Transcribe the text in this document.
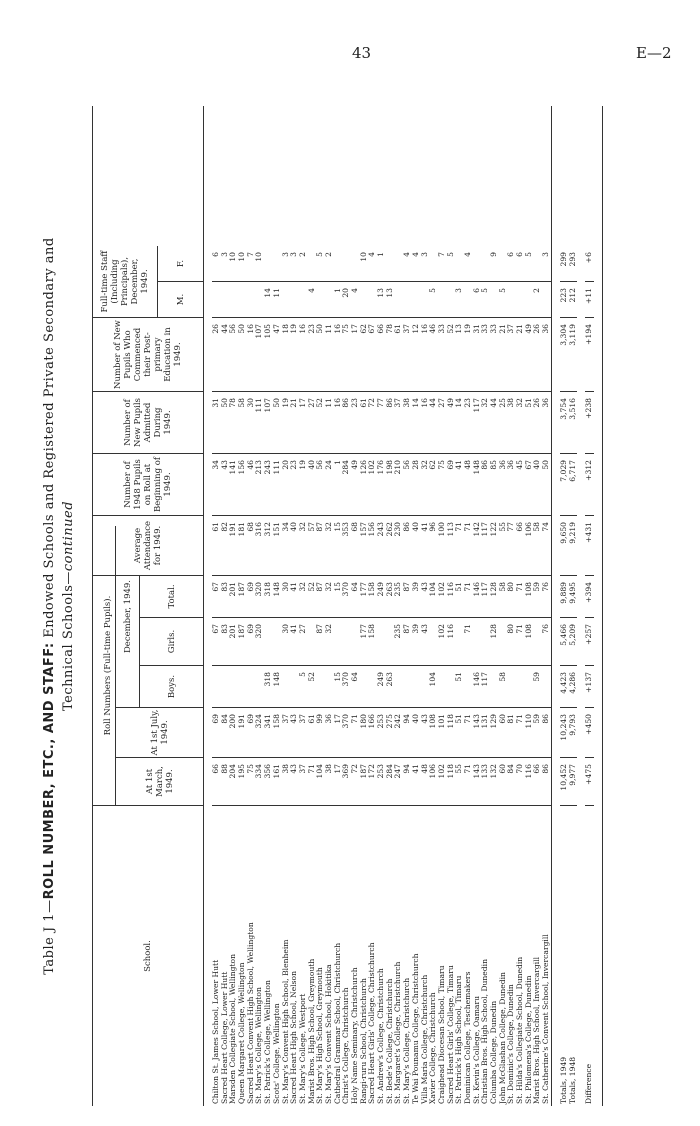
43	E—2
Table J 1—ROLL NUMBER, ETC., AND STAFF: Endowed Schools and Registered Private Secondary and Technical Schools—continued
School.
Roll Numbers (Full-time Pupils).
At 1st March, 1949.
At 1st July, 1949.
December, 1949.
Boys.
Girls.
Total.
Average Attendance for 1949.
Number of 1948 Pupils on Roll at Beginning of 1949.
Number of New Pupils Admitted During 1949.
Number of New Pupils Who Commenced their Post-primary Education in 1949.
Full-time Staff (Including Principals), December, 1949.
M.
F.
Chilton St. James School, Lower Hutt
66
69
67
67
61
34
31
26
6
Sacred Heart College, Lower Hutt
88
84
83
83
82
43
50
44
3
Marsden Collegiate School, Wellington
204
200
201
201
191
141
78
56
10
Queen Margaret College, Wellington
195
191
187
187
181
156
58
50
10
Sacred Heart Convent High School, Wellington
75
69
69
69
68
46
30
16
7
St. Mary's College, Wellington
334
324
320
320
316
213
111
107
10
St. Patrick's College, Wellington
356
341
318
318
312
243
107
105
14
Scots' College, Wellington
161
158
148
148
151
111
50
47
11
St. Mary's Convent High School, Blenheim
38
37
30
30
34
20
19
18
3
Sacred Heart High School, Nelson
43
43
41
41
40
23
21
19
3
St. Mary's College, Westport
37
37
5
27
32
32
19
17
16
2
Marist Bros. High School, Greymouth
71
61
52
52
57
40
27
23
4
St. Mary's High School, Greymouth
104
99
87
87
87
56
52
50
5
St. Mary's Convent School, Hokitika
38
36
32
32
32
24
11
11
2
Cathedral Grammar School, Christchurch
17
17
15
15
15
1
16
16
1
Christ's College, Christchurch
369
370
370
370
353
284
86
75
20
Holy Name Seminary, Christchurch
72
71
64
64
68
49
23
17
4
Rangi-ruru School, Christchurch
187
180
177
177
157
126
61
62
10
Sacred Heart Girls' College, Christchurch
172
166
158
158
156
102
72
67
4
St. Andrew's College, Christchurch
253
253
249
249
243
176
77
66
13
1
St. Bede's College, Christchurch
284
275
263
263
262
198
86
78
13
St. Margaret's College, Christchurch
247
242
235
235
230
210
37
61
St. Mary's College, Christchurch
94
94
87
87
86
56
38
37
4
Te Wai Pounamu College, Christchurch
41
40
39
39
40
28
14
12
4
Villa Maria College, Christchurch
48
43
43
43
41
32
16
16
3
Xavier College, Christchurch
106
108
104
104
96
62
44
46
5
Craighead Diocesan School, Timaru
102
101
102
102
100
75
27
33
7
Sacred Heart Girls' College, Timaru
118
118
116
116
113
69
49
52
5
St. Patrick's High School, Timaru
55
51
51
51
71
41
14
13
3
Dominican College, Teschemakers
71
71
71
71
71
48
23
19
4
St. Kevin's College, Oamaru
143
143
146
146
142
148
117
31
6
Christian Bros. High School, Dunedin
133
131
117
117
117
86
32
33
5
Columba College, Dunedin
132
129
128
128
122
85
44
33
9
John McGlashan College, Dunedin
60
60
58
58
55
36
25
21
5
St. Dominic's College, Dunedin
84
81
80
80
77
36
38
37
6
St. Hilda's Collegiate School, Dunedin
70
71
71
71
66
45
32
21
6
St. Philomena's College, Dunedin
116
110
108
108
106
67
51
49
5
Marist Bros. High School, Invercargill
66
59
59
59
58
40
26
26
2
St. Catherine's Convent School, Invercargill
86
86
76
76
74
50
36
36
3
Totals, 1949
10,452
10,243
4,423
5,466
9,889
9,650
7,029
3,754
3,304
223
299
Totals, 1948
9,977
9,793
4,286
5,209
9,495
9,219
6,717
3,516
3,119
212
293
Difference
+475
+450
+137
+257
+394
+431
+312
+238
+194
+11
+6
